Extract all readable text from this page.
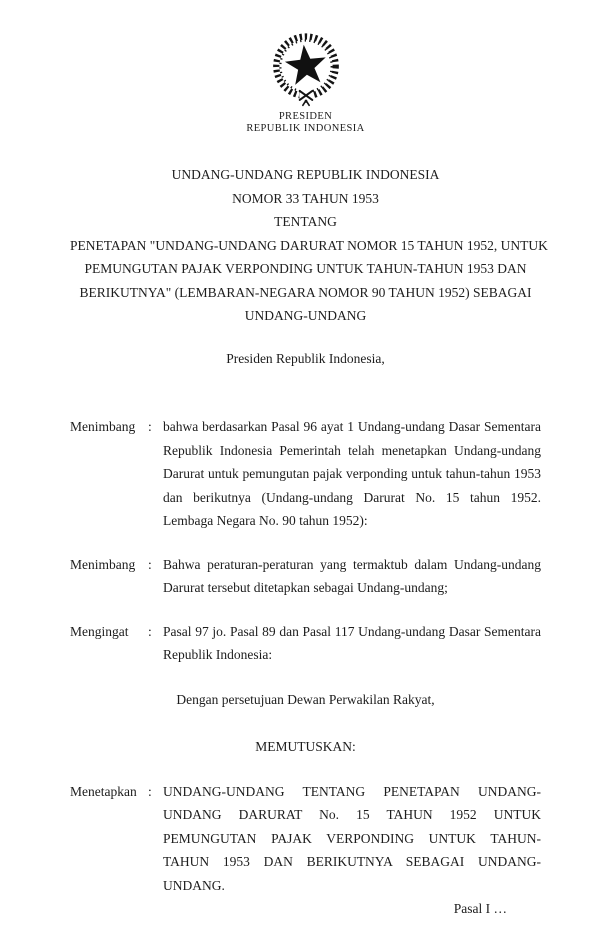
PRESIDEN
REPUBLIK INDONESIA
UNDANG-UNDANG REPUBLIK INDONESIA
NOMOR 33 TAHUN 1953
TENTANG
PENETAPAN "UNDANG-UNDANG DARURAT NOMOR 15 TAHUN 1952, UNTUK
PEMUNGUTAN PAJAK VERPONDING UNTUK TAHUN-TAHUN 1953 DAN
BERIKUTNYA" (LEMBARAN-NEGARA NOMOR 90 TAHUN 1952) SEBAGAI
UNDANG-UNDANG
Presiden Republik Indonesia,
Menimbang : bahwa berdasarkan Pasal 96 ayat 1 Undang-undang Dasar Sementara Republik Indonesia Pemerintah telah menetapkan Undang-undang Darurat untuk pemungutan pajak verponding untuk tahun-tahun 1953 dan berikutnya (Undang-undang Darurat No. 15 tahun 1952. Lembaga Negara No. 90 tahun 1952):
Menimbang : Bahwa peraturan-peraturan yang termaktub dalam Undang-undang Darurat tersebut ditetapkan sebagai Undang-undang;
Mengingat	: Pasal 97 jo. Pasal 89 dan Pasal 117 Undang-undang Dasar Sementara Republik Indonesia:
Dengan persetujuan Dewan Perwakilan Rakyat,
MEMUTUSKAN:
Menetapkan : UNDANG-UNDANG TENTANG PENETAPAN UNDANG-UNDANG DARURAT No. 15 TAHUN 1952 UNTUK PEMUNGUTAN PAJAK VERPONDING UNTUK TAHUN-TAHUN 1953 DAN BERIKUTNYA SEBAGAI UNDANG-UNDANG.
Pasal I …
